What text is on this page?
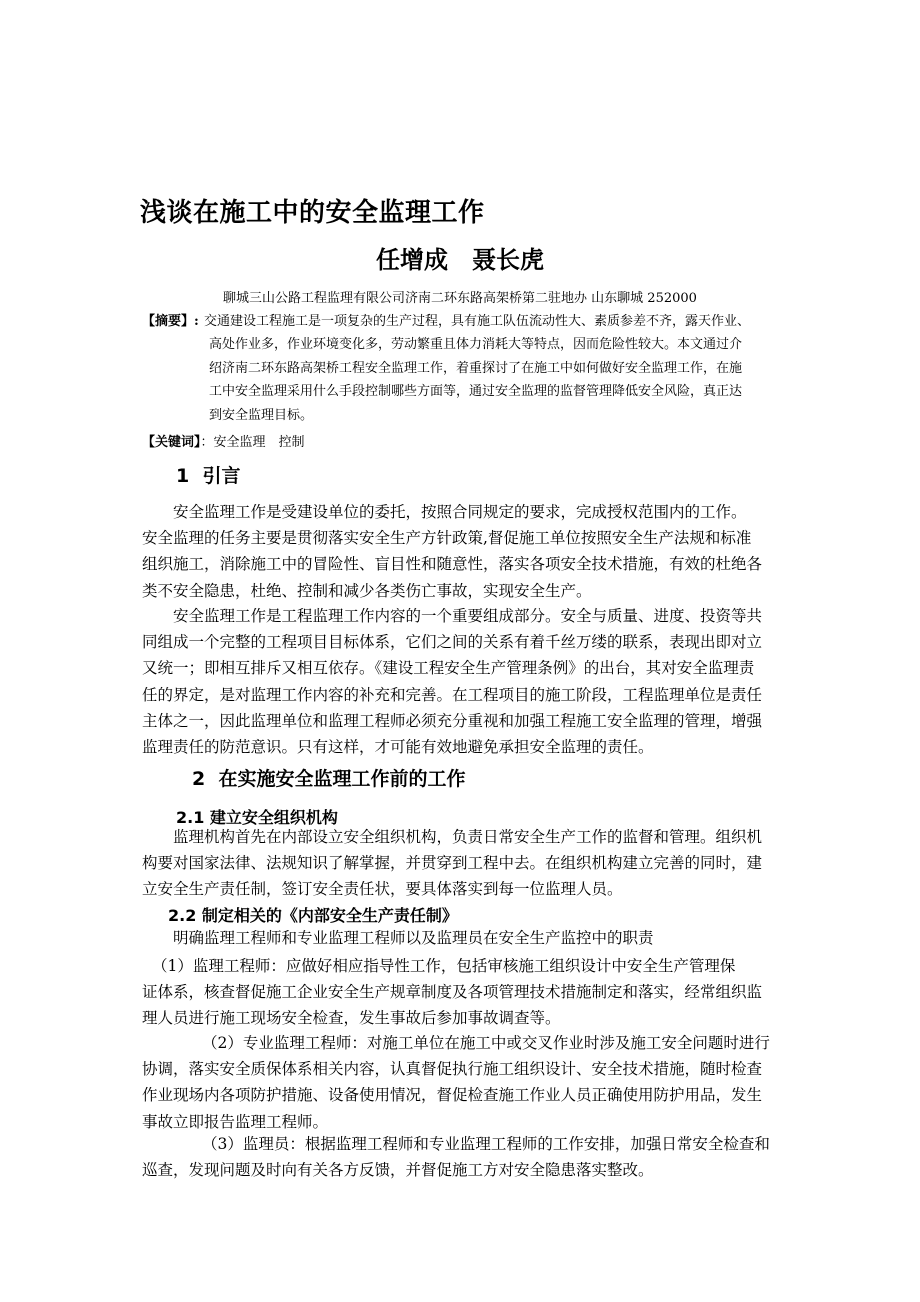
浅谈在施工中的安全监理工作
任增成　聂长虎
聊城三山公路工程监理有限公司济南二环东路高架桥第二驻地办 山东聊城 252000
【摘要】: 交通建设工程施工是一项复杂的生产过程，具有施工队伍流动性大、素质参差不齐，露天作业、
高处作业多，作业环境变化多，劳动繁重且体力消耗大等特点，因而危险性较大。本文通过介
绍济南二环东路高架桥工程安全监理工作，着重探讨了在施工中如何做好安全监理工作，在施
工中安全监理采用什么手段控制哪些方面等，通过安全监理的监督管理降低安全风险，真正达
到安全监理目标。
【关键词】：安全监理　控制
1  引言
安全监理工作是受建设单位的委托，按照合同规定的要求，完成授权范围内的工作。
安全监理的任务主要是贯彻落实安全生产方针政策,督促施工单位按照安全生产法规和标准
组织施工，消除施工中的冒险性、盲目性和随意性，落实各项安全技术措施，有效的杜绝各
类不安全隐患，杜绝、控制和减少各类伤亡事故，实现安全生产。
安全监理工作是工程监理工作内容的一个重要组成部分。安全与质量、进度、投资等共
同组成一个完整的工程项目目标体系，它们之间的关系有着千丝万缕的联系，表现出即对立
又统一；即相互排斥又相互依存。《建设工程安全生产管理条例》的出台，其对安全监理责
任的界定，是对监理工作内容的补充和完善。在工程项目的施工阶段，工程监理单位是责任
主体之一，因此监理单位和监理工程师必须充分重视和加强工程施工安全监理的管理，增强
监理责任的防范意识。只有这样，才可能有效地避免承担安全监理的责任。
2  在实施安全监理工作前的工作
2.1 建立安全组织机构
监理机构首先在内部设立安全组织机构，负责日常安全生产工作的监督和管理。组织机
构要对国家法律、法规知识了解掌握，并贯穿到工程中去。在组织机构建立完善的同时，建
立安全生产责任制，签订安全责任状，要具体落实到每一位监理人员。
2.2 制定相关的《内部安全生产责任制》
明确监理工程师和专业监理工程师以及监理员在安全生产监控中的职责
（1）监理工程师：应做好相应指导性工作，包括审核施工组织设计中安全生产管理保
证体系，核查督促施工企业安全生产规章制度及各项管理技术措施制定和落实，经常组织监
理人员进行施工现场安全检查，发生事故后参加事故调查等。
（2）专业监理工程师：对施工单位在施工中或交叉作业时涉及施工安全问题时进行
协调，落实安全质保体系相关内容，认真督促执行施工组织设计、安全技术措施，随时检查
作业现场内各项防护措施、设备使用情况，督促检查施工作业人员正确使用防护用品，发生
事故立即报告监理工程师。
（3）监理员：根据监理工程师和专业监理工程师的工作安排，加强日常安全检查和
巡查，发现问题及时向有关各方反馈，并督促施工方对安全隐患落实整改。
